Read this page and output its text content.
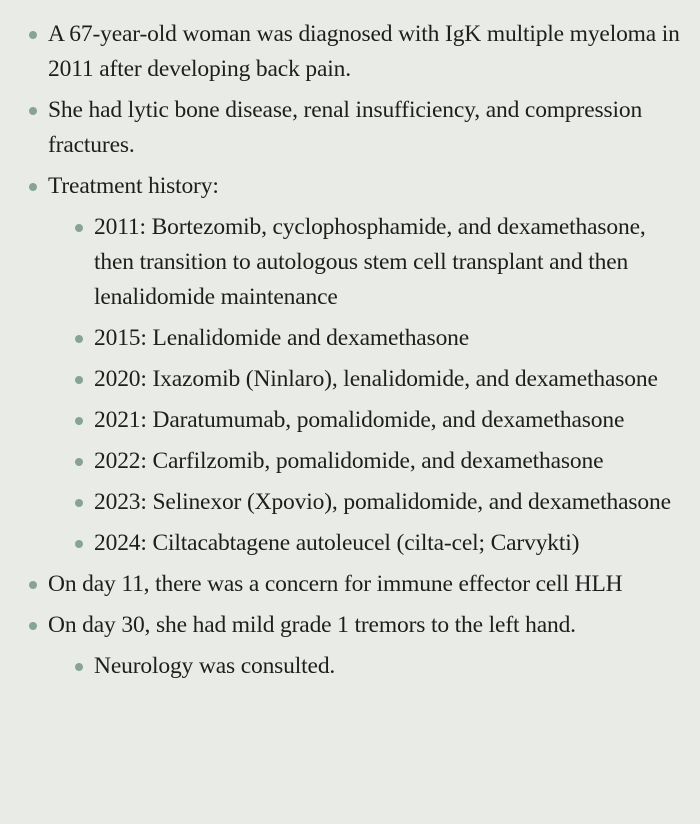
A 67-year-old woman was diagnosed with IgK multiple myeloma in 2011 after developing back pain.
She had lytic bone disease, renal insufficiency, and compression fractures.
Treatment history:
2011: Bortezomib, cyclophosphamide, and dexamethasone, then transition to autologous stem cell transplant and then lenalidomide maintenance
2015: Lenalidomide and dexamethasone
2020: Ixazomib (Ninlaro), lenalidomide, and dexamethasone
2021: Daratumumab, pomalidomide, and dexamethasone
2022: Carfilzomib, pomalidomide, and dexamethasone
2023: Selinexor (Xpovio), pomalidomide, and dexamethasone
2024: Ciltacabtagene autoleucel (cilta-cel; Carvykti)
On day 11, there was a concern for immune effector cell HLH
On day 30, she had mild grade 1 tremors to the left hand.
Neurology was consulted.
